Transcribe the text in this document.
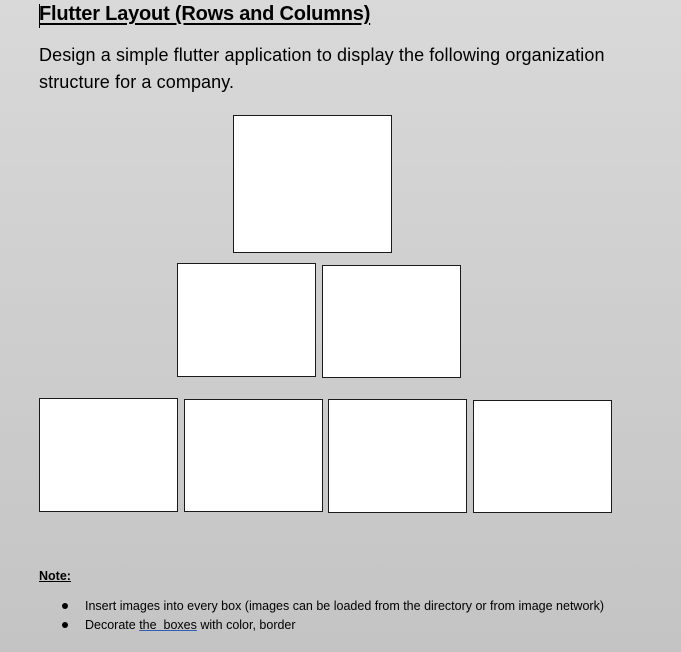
Flutter Layout (Rows and Columns)

Design a simple flutter application to display the following organization structure for a company.

Note:

Insert images into every box (images can be loaded from the directory or from image network)
Decorate the  boxes with color, border
